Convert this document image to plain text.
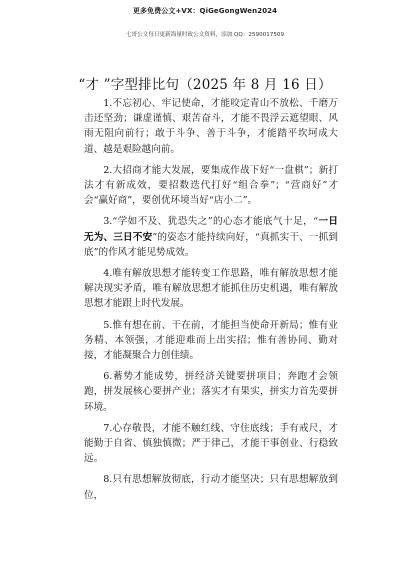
更多免费公文+VX：QiGeGongWen2024
七哥公文每日更新海量时政公文资料，添加 QQ：2590017509
“才 ”字型排比句（2025 年 8 月 16 日）

1.不忘初心、牢记使命，才能咬定青山不放松、千磨万击还坚劲；谦虚谨慎、艰苦奋斗，才能不畏浮云遮望眼、风雨无阻向前行；敢于斗争、善于斗争，才能踏平坎坷成大道、越是艰险越向前。

2.大招商才能大发展，要集成作战下好“一盘棋”；新打法才有新成效，要招数迭代打好“组合拳”；“营商好”才会“赢好商”，要创优环境当好“店小二”。

3.“学如不及、犹恐失之”的心态才能底气十足，“一日无为、三日不安”的姿态才能持续向好，“真抓实干、一抓到底”的作风才能见势成效。

4.唯有解放思想才能转变工作思路，唯有解放思想才能解决现实矛盾，唯有解放思想才能抓住历史机遇，唯有解放思想才能跟上时代发展。

5.惟有想在前、干在前，才能担当使命开新局；惟有业务精、本领强，才能迎难而上出实招；惟有善协同、勤对接，才能凝聚合力创佳绩。

6.蓄势才能成势，拼经济关键要拼项目；奔跑才会领跑，拼发展核心要拼产业；落实才有果实，拼实力首先要拼环境。

7.心存敬畏，才能不触红线、守住底线；手有戒尺，才能勤于自省、慎独慎微；严于律己，才能干事创业、行稳致远。

8.只有思想解放彻底，行动才能坚决；只有思想解放到位，
